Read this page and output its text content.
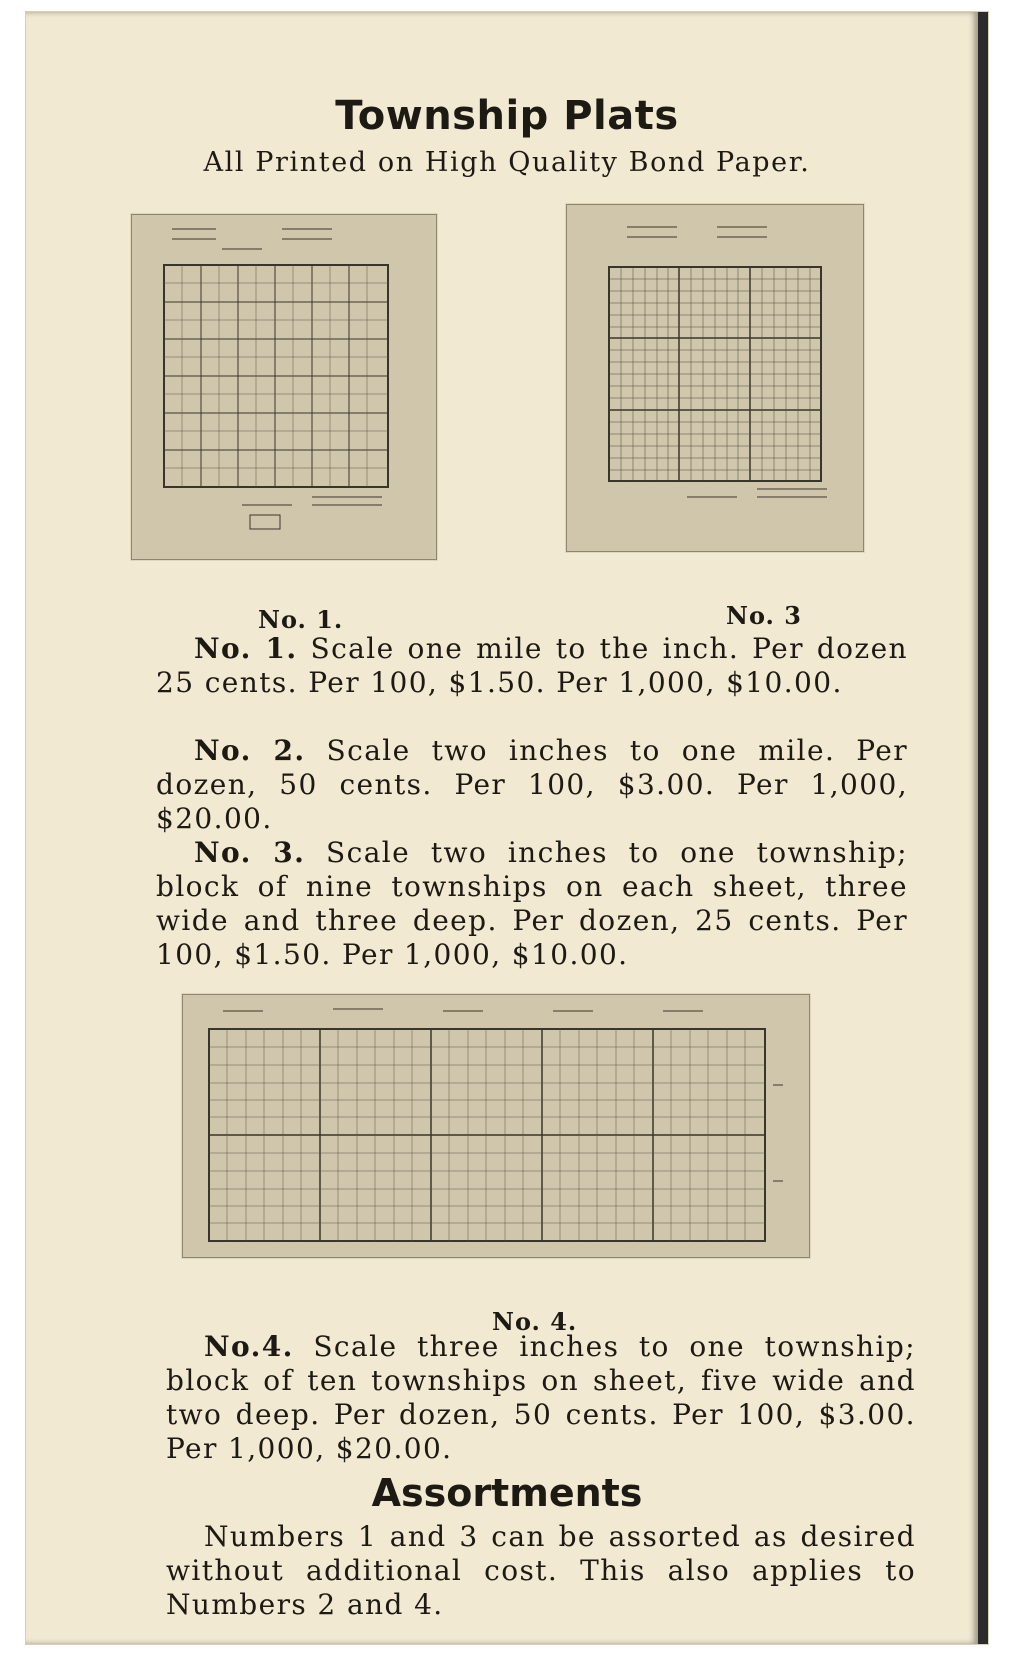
Township Plats
All Printed on High Quality Bond Paper.
No. 1.	No. 3

No. 1. Scale one mile to the inch. Per dozen 25 cents. Per 100, $1.50. Per 1,000, $10.00.

No. 2. Scale two inches to one mile. Per dozen, 50 cents. Per 100, $3.00. Per 1,000, $20.00.

No. 3. Scale two inches to one township; block of nine townships on each sheet, three wide and three deep. Per dozen, 25 cents. Per 100, $1.50. Per 1,000, $10.00.

No. 4.

No.4. Scale three inches to one township; block of ten townships on sheet, five wide and two deep. Per dozen, 50 cents. Per 100, $3.00. Per 1,000, $20.00.

Assortments

Numbers 1 and 3 can be assorted as desired without additional cost. This also applies to Numbers 2 and 4.
